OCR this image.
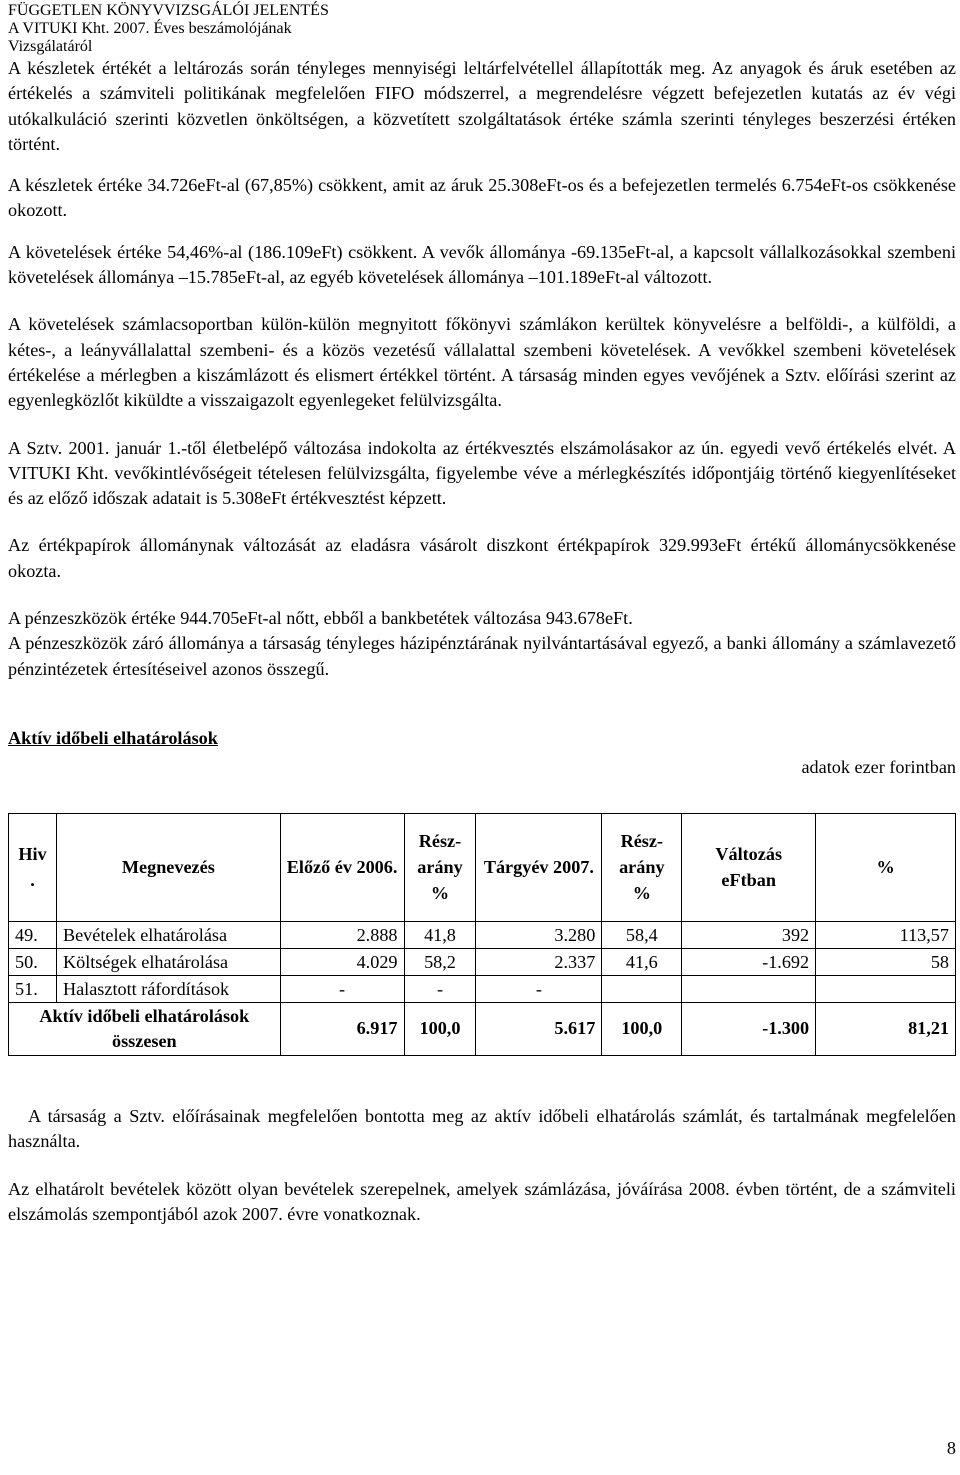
FÜGGETLEN KÖNYVVIZSGÁLÓI JELENTÉS
A VITUKI Kht. 2007. Éves beszámolójának
Vizsgálatáról

A készletek értékét a leltározás során tényleges mennyiségi leltárfelvétellel állapították meg. Az anyagok és áruk esetében az értékelés a számviteli politikának megfelelően FIFO módszerrel, a megrendelésre végzett befejezetlen kutatás az év végi utókalkuláció szerinti közvetlen önköltségen, a közvetített szolgáltatások értéke számla szerinti tényleges beszerzési értéken történt.

A készletek értéke 34.726eFt-al (67,85%) csökkent, amit az áruk 25.308eFt-os és a befejezetlen termelés 6.754eFt-os csökkenése okozott.

A követelések értéke 54,46%-al (186.109eFt) csökkent. A vevők állománya -69.135eFt-al, a kapcsolt vállalkozásokkal szembeni követelések állománya –15.785eFt-al, az egyéb követelések állománya –101.189eFt-al változott.

A követelések számlacsoportban külön-külön megnyitott főkönyvi számlákon kerültek könyvelésre a belföldi-, a külföldi, a kétes-, a leányvállalattal szembeni- és a közös vezetésű vállalattal szembeni követelések. A vevőkkel szembeni követelések értékelése a mérlegben a kiszámlázott és elismert értékkel történt. A társaság minden egyes vevőjének a Sztv. előírási szerint az egyenlegközlőt kiküldte a visszaigazolt egyenlegeket felülvizsgálta.

A Sztv. 2001. január 1.-től életbelépő változása indokolta az értékvesztés elszámolásakor az ún. egyedi vevő értékelés elvét. A VITUKI Kht. vevőkintlévőségeit tételesen felülvizsgálta, figyelembe véve a mérlegkészítés időpontjáig történő kiegyenlítéseket és az előző időszak adatait is 5.308eFt értékvesztést képzett.

Az értékpapírok állománynak változását az eladásra vásárolt diszkont értékpapírok 329.993eFt értékű állománycsökkenése okozta.

A pénzeszközök értéke 944.705eFt-al nőtt, ebből a bankbetétek változása 943.678eFt.

A pénzeszközök záró állománya a társaság tényleges házipénztárának nyilvántartásával egyező, a banki állomány a számlavezető pénzintézetek értesítéseivel azonos összegű.

Aktív időbeli elhatárolások
adatok ezer forintban
Hiv .	Megnevezés	Előző év 2006.	Rész- arány %	Tárgyév 2007.	Rész- arány %	Változás eFtban	%
49.	Bevételek elhatárolása	2.888	41,8	3.280	58,4	392	113,57
50.	Költségek elhatárolása	4.029	58,2	2.337	41,6	-1.692	58
51.	Halasztott ráfordítások	-	-	-			
Aktív időbeli elhatárolások összesen		6.917	100,0	5.617	100,0	-1.300	81,21

A társaság a Sztv. előírásainak megfelelően bontotta meg az aktív időbeli elhatárolás számlát, és tartalmának megfelelően használta.

Az elhatárolt bevételek között olyan bevételek szerepelnek, amelyek számlázása, jóváírása 2008. évben történt, de a számviteli elszámolás szempontjából azok 2007. évre vonatkoznak.

8
